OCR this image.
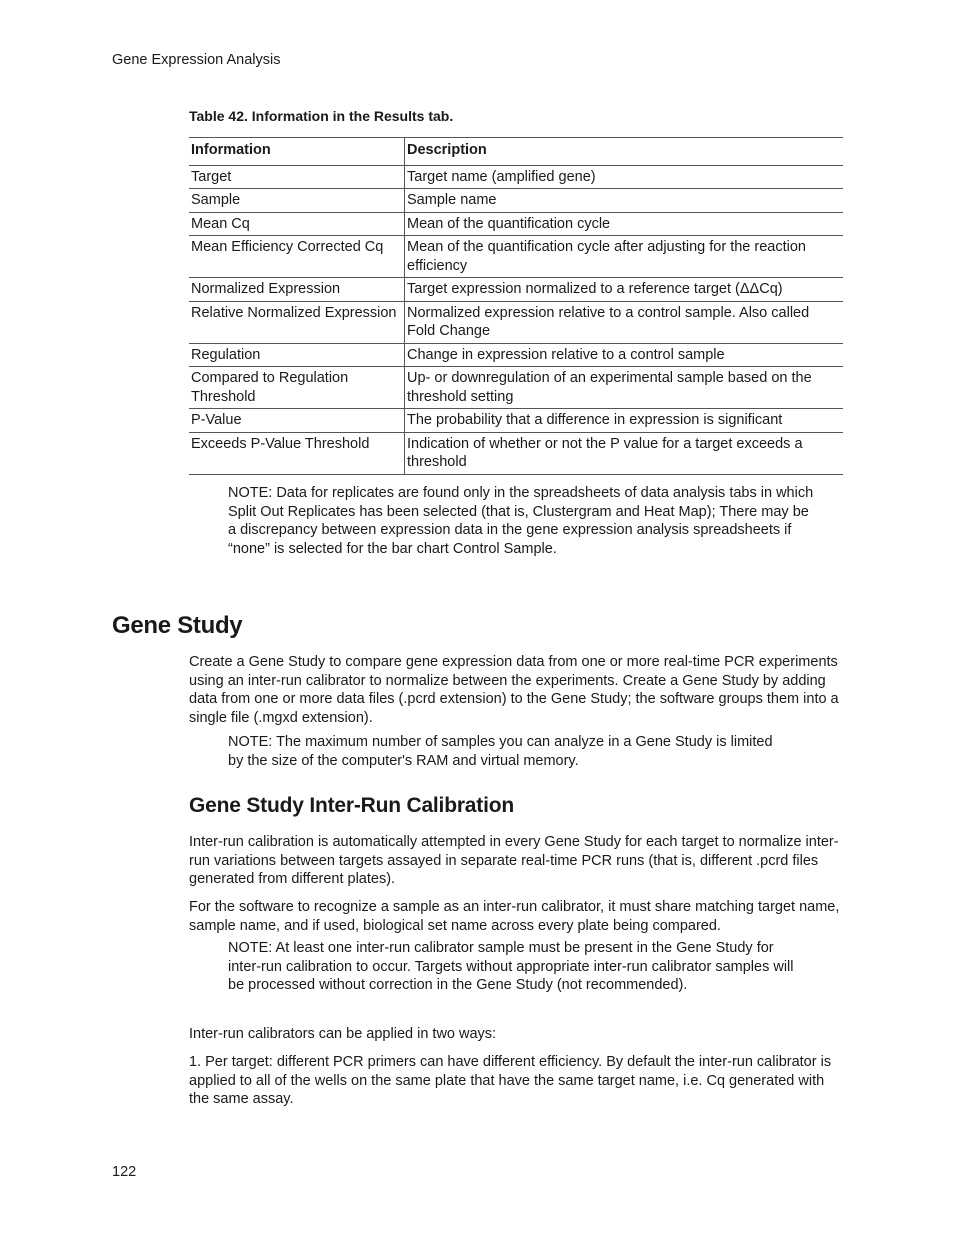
Gene Expression Analysis
Table 42. Information in the Results tab.
Information	Description
Target	Target name (amplified gene)
Sample	Sample name
Mean Cq	Mean of the quantification cycle
Mean Efficiency Corrected Cq	Mean of the quantification cycle after adjusting for the reaction efficiency
Normalized Expression	Target expression normalized to a reference target (ΔΔCq)
Relative Normalized Expression	Normalized expression relative to a control sample. Also called Fold Change
Regulation	Change in expression relative to a control sample
Compared to Regulation Threshold	Up- or downregulation of an experimental sample based on the threshold setting
P-Value	The probability that a difference in expression is significant
Exceeds P-Value Threshold	Indication of whether or not the P value for a target exceeds a threshold

NOTE: Data for replicates are found only in the spreadsheets of data analysis tabs in which Split Out Replicates has been selected (that is, Clustergram and Heat Map); There may be a discrepancy between expression data in the gene expression analysis spreadsheets if “none” is selected for the bar chart Control Sample.

Gene Study

Create a Gene Study to compare gene expression data from one or more real-time PCR experiments using an inter-run calibrator to normalize between the experiments. Create a Gene Study by adding data from one or more data files (.pcrd extension) to the Gene Study; the software groups them into a single file (.mgxd extension).

NOTE: The maximum number of samples you can analyze in a Gene Study is limited by the size of the computer's RAM and virtual memory.

Gene Study Inter-Run Calibration

Inter-run calibration is automatically attempted in every Gene Study for each target to normalize inter-run variations between targets assayed in separate real-time PCR runs (that is, different .pcrd files generated from different plates).

For the software to recognize a sample as an inter-run calibrator, it must share matching target name, sample name, and if used, biological set name across every plate being compared.

NOTE: At least one inter-run calibrator sample must be present in the Gene Study for inter-run calibration to occur. Targets without appropriate inter-run calibrator samples will be processed without correction in the Gene Study (not recommended).

Inter-run calibrators can be applied in two ways:

1. Per target: different PCR primers can have different efficiency. By default the inter-run calibrator is applied to all of the wells on the same plate that have the same target name, i.e. Cq generated with the same assay.

122
